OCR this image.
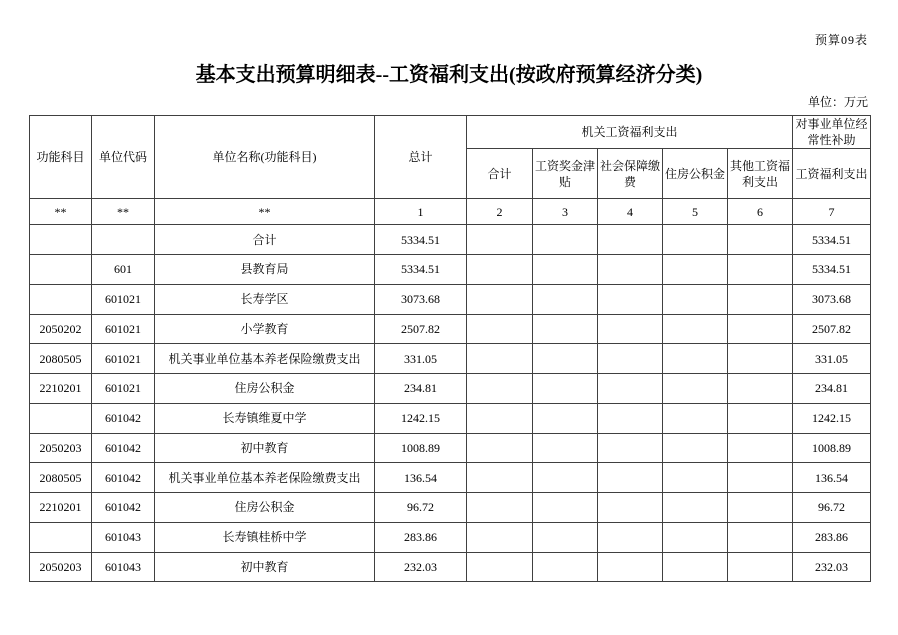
预算09表
基本支出预算明细表--工资福利支出(按政府预算经济分类)
单位：万元
功能科目	单位代码	单位名称(功能科目)	总计	机关工资福利支出					对事业单位经常性补助
				合计	工资奖金津贴	社会保障缴费	住房公积金	其他工资福利支出	工资福利支出
**	**	**	1	2	3	4	5	6	7
		合计	5334.51						5334.51
	601	县教育局	5334.51						5334.51
	601021	长寿学区	3073.68						3073.68
2050202	601021	小学教育	2507.82						2507.82
2080505	601021	机关事业单位基本养老保险缴费支出	331.05						331.05
2210201	601021	住房公积金	234.81						234.81
	601042	长寿镇维夏中学	1242.15						1242.15
2050203	601042	初中教育	1008.89						1008.89
2080505	601042	机关事业单位基本养老保险缴费支出	136.54						136.54
2210201	601042	住房公积金	96.72						96.72
	601043	长寿镇桂桥中学	283.86						283.86
2050203	601043	初中教育	232.03						232.03
